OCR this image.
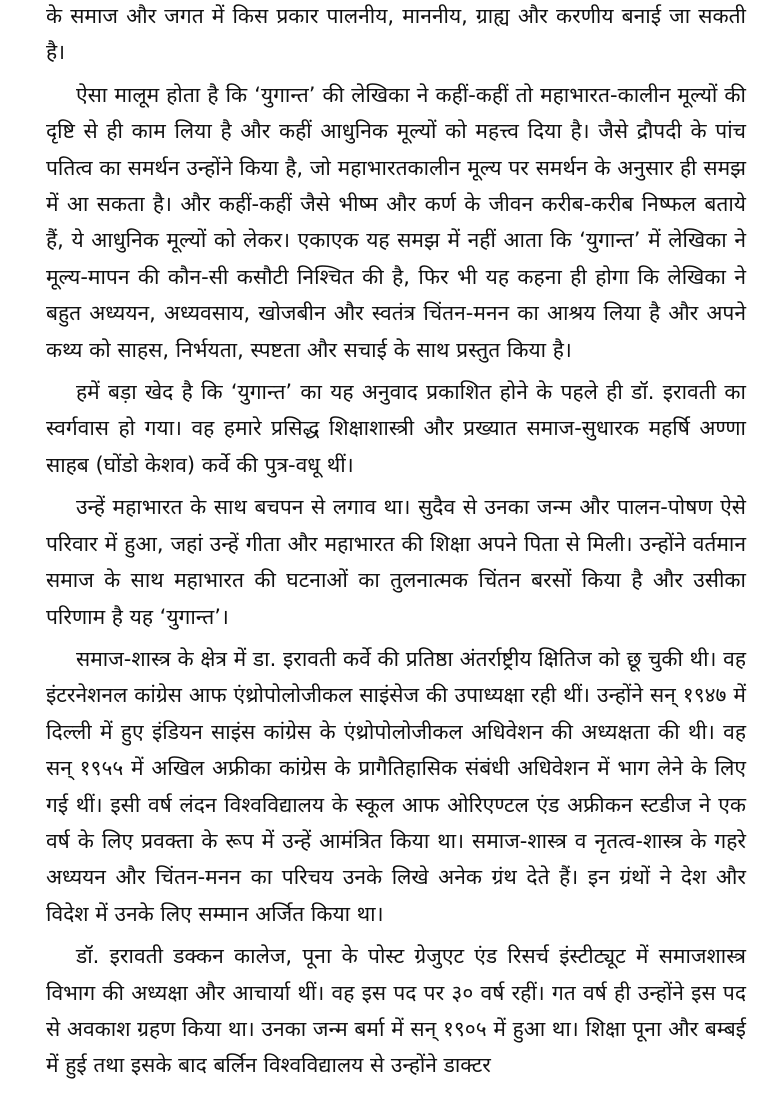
के समाज और जगत में किस प्रकार पालनीय, माननीय, ग्राह्य और करणीय बनाई जा सकती है।

ऐसा मालूम होता है कि ‘युगान्त’ की लेखिका ने कहीं-कहीं तो महाभारत-कालीन मूल्यों की दृष्टि से ही काम लिया है और कहीं आधुनिक मूल्यों को महत्त्व दिया है। जैसे द्रौपदी के पांच पतित्व का समर्थन उन्होंने किया है, जो महाभारतकालीन मूल्य पर समर्थन के अनुसार ही समझ में आ सकता है। और कहीं-कहीं जैसे भीष्म और कर्ण के जीवन करीब-करीब निष्फल बताये हैं, ये आधुनिक मूल्यों को लेकर। एकाएक यह समझ में नहीं आता कि ‘युगान्त’ में लेखिका ने मूल्य-मापन की कौन-सी कसौटी निश्चित की है, फिर भी यह कहना ही होगा कि लेखिका ने बहुत अध्ययन, अध्यवसाय, खोजबीन और स्वतंत्र चिंतन-मनन का आश्रय लिया है और अपने कथ्य को साहस, निर्भयता, स्पष्टता और सचाई के साथ प्रस्तुत किया है।

हमें बड़ा खेद है कि ‘युगान्त’ का यह अनुवाद प्रकाशित होने के पहले ही डॉ. इरावती का स्वर्गवास हो गया। वह हमारे प्रसिद्ध शिक्षाशास्त्री और प्रख्यात समाज-सुधारक महर्षि अण्णा साहब (घोंडो केशव) कर्वे की पुत्र-वधू थीं।

उन्हें महाभारत के साथ बचपन से लगाव था। सुदैव से उनका जन्म और पालन-पोषण ऐसे परिवार में हुआ, जहां उन्हें गीता और महाभारत की शिक्षा अपने पिता से मिली। उन्होंने वर्तमान समाज के साथ महाभारत की घटनाओं का तुलनात्मक चिंतन बरसों किया है और उसीका परिणाम है यह ‘युगान्त’।

समाज-शास्त्र के क्षेत्र में डा. इरावती कर्वे की प्रतिष्ठा अंतर्राष्ट्रीय क्षितिज को छू चुकी थी। वह इंटरनेशनल कांग्रेस आफ एंथ्रोपोलोजीकल साइंसेज की उपाध्यक्षा रही थीं। उन्होंने सन् १९४७ में दिल्ली में हुए इंडियन साइंस कांग्रेस के एंथ्रोपोलोजीकल अधिवेशन की अध्यक्षता की थी। वह सन् १९५५ में अखिल अफ्रीका कांग्रेस के प्रागैतिहासिक संबंधी अधिवेशन में भाग लेने के लिए गई थीं। इसी वर्ष लंदन विश्वविद्यालय के स्कूल आफ ओरिएण्टल एंड अफ्रीकन स्टडीज ने एक वर्ष के लिए प्रवक्ता के रूप में उन्हें आमंत्रित किया था। समाज-शास्त्र व नृतत्व-शास्त्र के गहरे अध्ययन और चिंतन-मनन का परिचय उनके लिखे अनेक ग्रंथ देते हैं। इन ग्रंथों ने देश और विदेश में उनके लिए सम्मान अर्जित किया था।

डॉ. इरावती डक्कन कालेज, पूना के पोस्ट ग्रेजुएट एंड रिसर्च इंस्टीट्यूट में समाजशास्त्र विभाग की अध्यक्षा और आचार्या थीं। वह इस पद पर ३० वर्ष रहीं। गत वर्ष ही उन्होंने इस पद से अवकाश ग्रहण किया था। उनका जन्म बर्मा में सन् १९०५ में हुआ था। शिक्षा पूना और बम्बई में हुई तथा इसके बाद बर्लिन विश्वविद्यालय से उन्होंने डाक्टर
